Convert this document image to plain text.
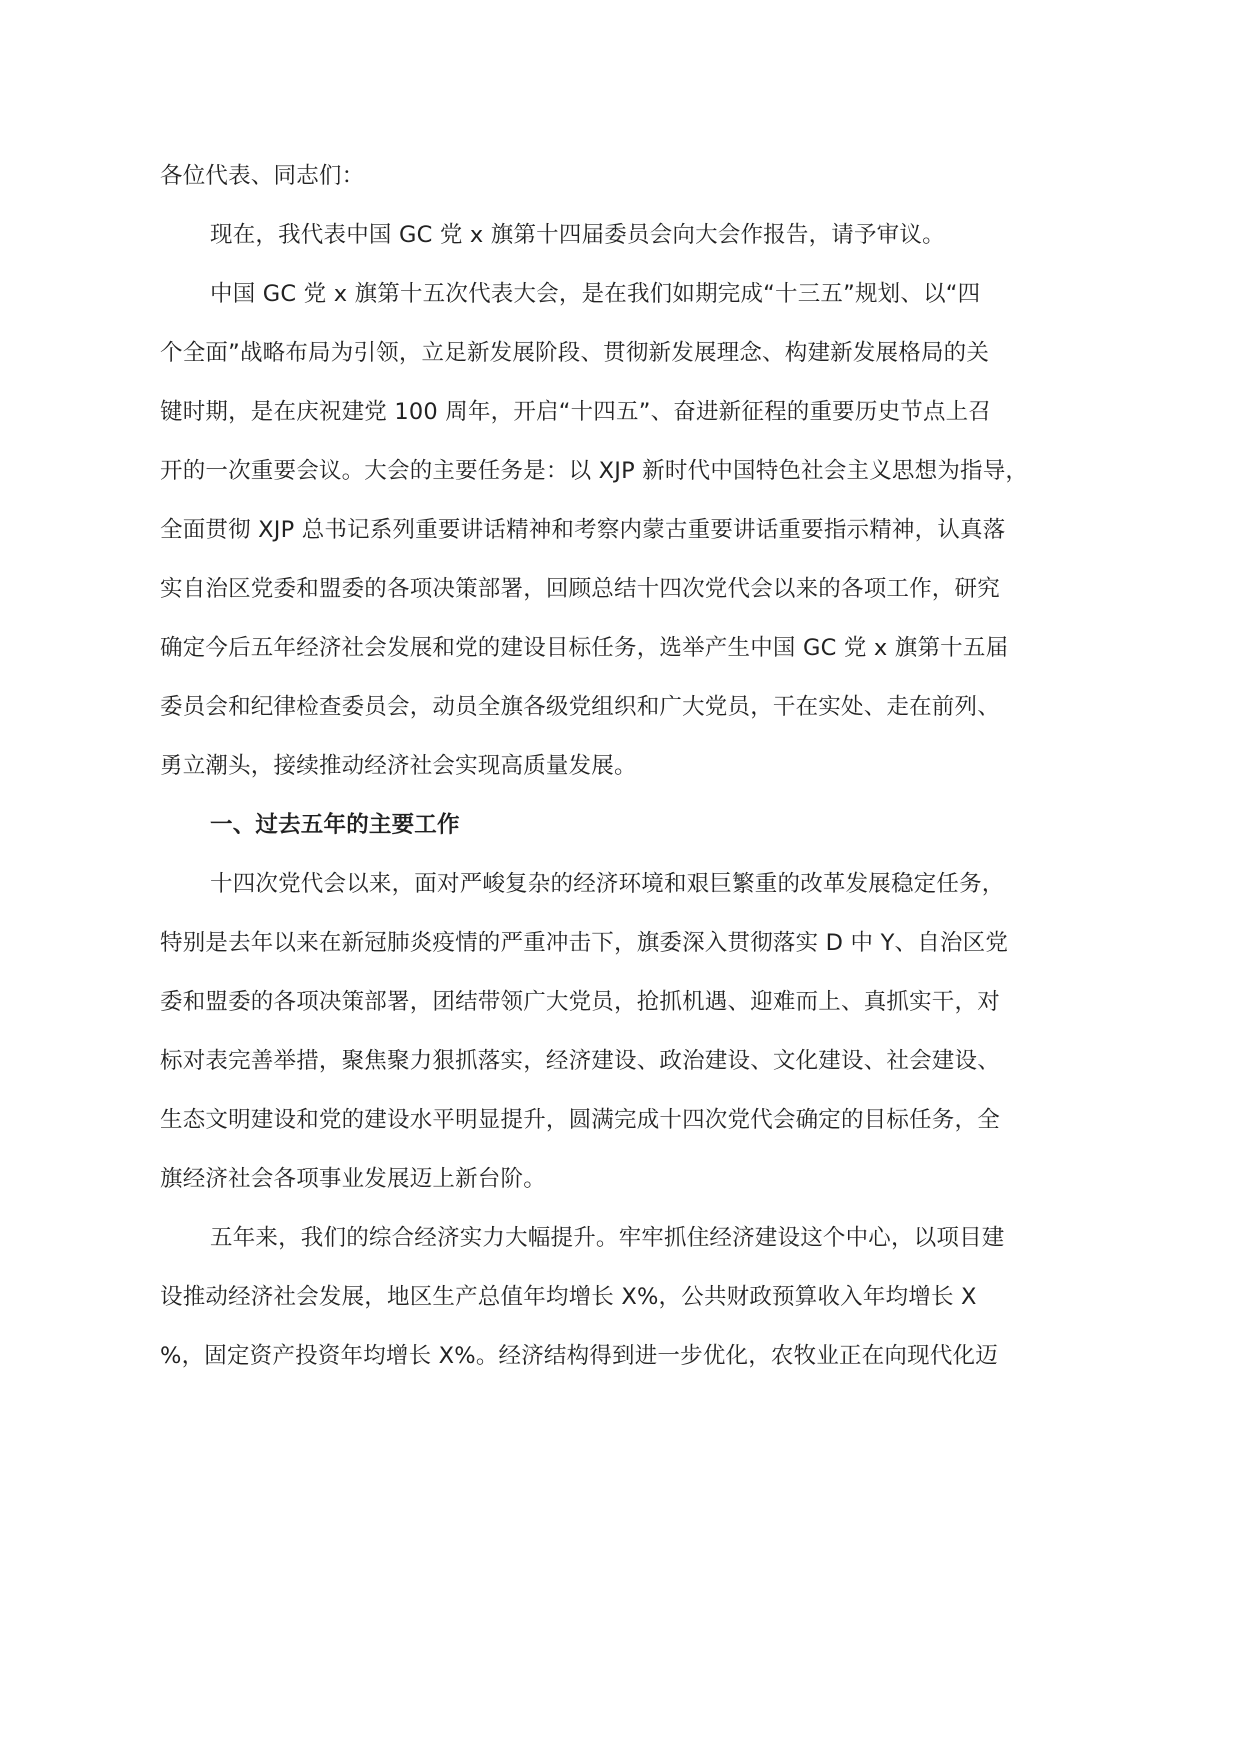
各位代表、同志们：
现在，我代表中国 GC 党 x 旗第十四届委员会向大会作报告，请予审议。
中国 GC 党 x 旗第十五次代表大会，是在我们如期完成“十三五”规划、以“四
个全面”战略布局为引领，立足新发展阶段、贯彻新发展理念、构建新发展格局的关
键时期，是在庆祝建党 100 周年，开启“十四五”、奋进新征程的重要历史节点上召
开的一次重要会议。大会的主要任务是：以 XJP 新时代中国特色社会主义思想为指导，
全面贯彻 XJP 总书记系列重要讲话精神和考察内蒙古重要讲话重要指示精神，认真落
实自治区党委和盟委的各项决策部署，回顾总结十四次党代会以来的各项工作，研究
确定今后五年经济社会发展和党的建设目标任务，选举产生中国 GC 党 x 旗第十五届
委员会和纪律检查委员会，动员全旗各级党组织和广大党员，干在实处、走在前列、
勇立潮头，接续推动经济社会实现高质量发展。
一、过去五年的主要工作
十四次党代会以来，面对严峻复杂的经济环境和艰巨繁重的改革发展稳定任务，
特别是去年以来在新冠肺炎疫情的严重冲击下，旗委深入贯彻落实 D 中 Y、自治区党
委和盟委的各项决策部署，团结带领广大党员，抢抓机遇、迎难而上、真抓实干，对
标对表完善举措，聚焦聚力狠抓落实，经济建设、政治建设、文化建设、社会建设、
生态文明建设和党的建设水平明显提升，圆满完成十四次党代会确定的目标任务，全
旗经济社会各项事业发展迈上新台阶。
五年来，我们的综合经济实力大幅提升。牢牢抓住经济建设这个中心，以项目建
设推动经济社会发展，地区生产总值年均增长 X%，公共财政预算收入年均增长 X
%，固定资产投资年均增长 X%。经济结构得到进一步优化，农牧业正在向现代化迈
